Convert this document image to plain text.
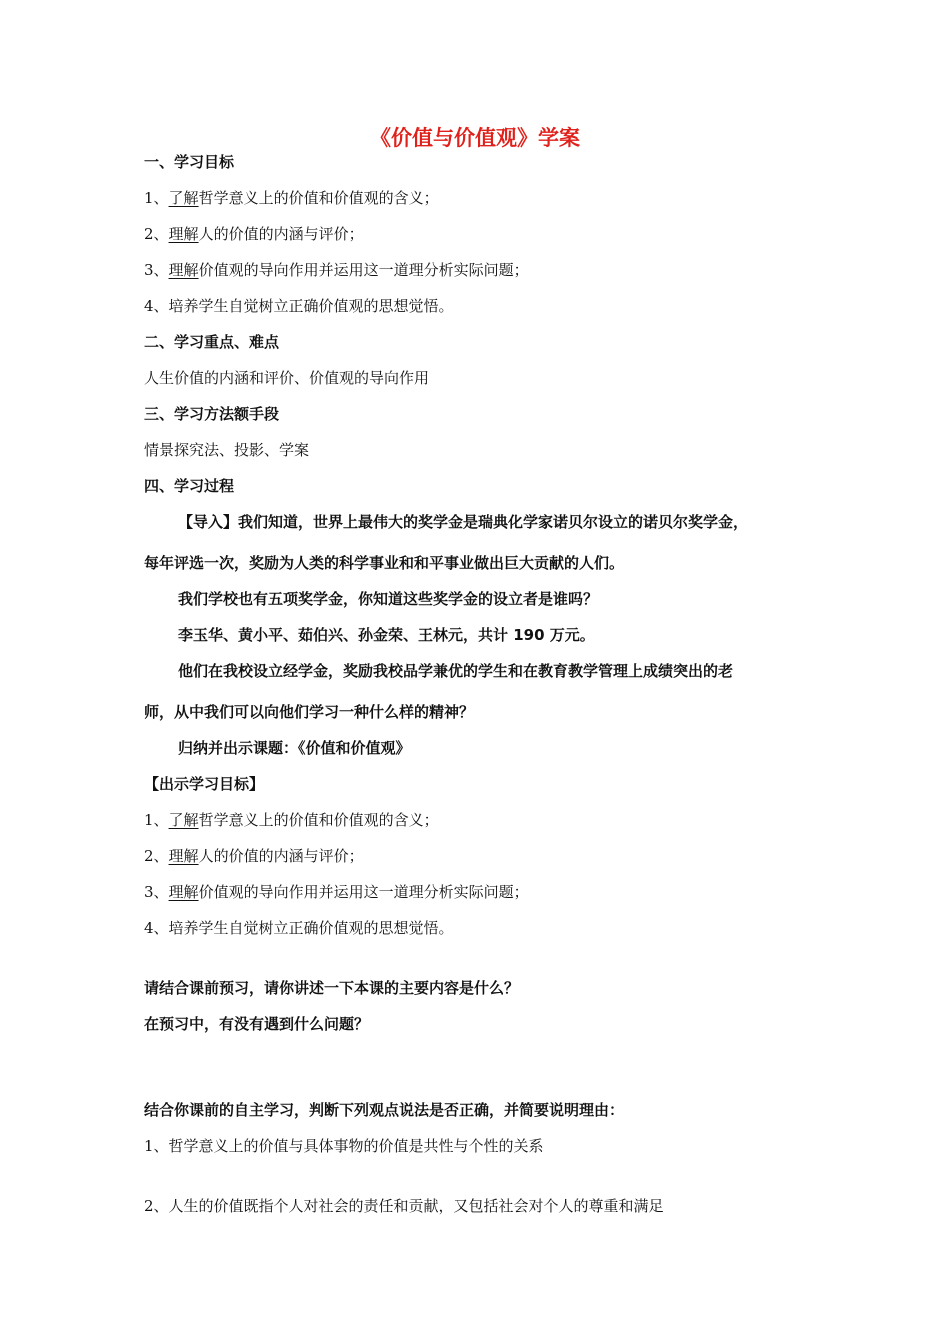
《价值与价值观》学案
一、学习目标
1、了解哲学意义上的价值和价值观的含义；
2、理解人的价值的内涵与评价；
3、理解价值观的导向作用并运用这一道理分析实际问题；
4、培养学生自觉树立正确价值观的思想觉悟。
二、学习重点、难点
人生价值的内涵和评价、价值观的导向作用
三、学习方法额手段
情景探究法、投影、学案
四、学习过程
【导入】我们知道，世界上最伟大的奖学金是瑞典化学家诺贝尔设立的诺贝尔奖学金，
每年评选一次，奖励为人类的科学事业和和平事业做出巨大贡献的人们。
我们学校也有五项奖学金，你知道这些奖学金的设立者是谁吗？
李玉华、黄小平、茹伯兴、孙金荣、王林元，共计 190 万元。
他们在我校设立经学金，奖励我校品学兼优的学生和在教育教学管理上成绩突出的老
师，从中我们可以向他们学习一种什么样的精神？
归纳并出示课题：《价值和价值观》
【出示学习目标】
1、了解哲学意义上的价值和价值观的含义；
2、理解人的价值的内涵与评价；
3、理解价值观的导向作用并运用这一道理分析实际问题；
4、培养学生自觉树立正确价值观的思想觉悟。
请结合课前预习，请你讲述一下本课的主要内容是什么？
在预习中，有没有遇到什么问题？
结合你课前的自主学习，判断下列观点说法是否正确，并简要说明理由：
1、哲学意义上的价值与具体事物的价值是共性与个性的关系
2、人生的价值既指个人对社会的责任和贡献，又包括社会对个人的尊重和满足
